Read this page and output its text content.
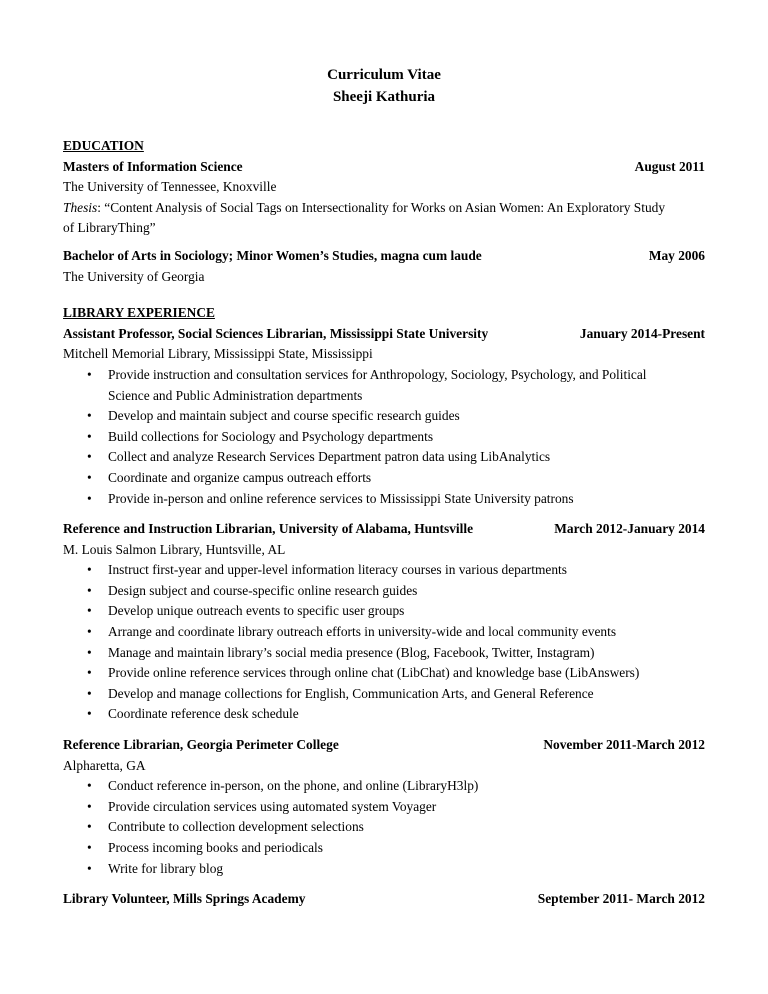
Curriculum Vitae
Sheeji Kathuria
EDUCATION
Masters of Information Science	August 2011
The University of Tennessee, Knoxville
Thesis: “Content Analysis of Social Tags on Intersectionality for Works on Asian Women: An Exploratory Study
of LibraryThing”
Bachelor of Arts in Sociology; Minor Women’s Studies, magna cum laude	May 2006
The University of Georgia
LIBRARY EXPERIENCE
Assistant Professor, Social Sciences Librarian, Mississippi State University	January 2014-Present
Mitchell Memorial Library, Mississippi State, Mississippi
• Provide instruction and consultation services for Anthropology, Sociology, Psychology, and Political
Science and Public Administration departments
• Develop and maintain subject and course specific research guides
• Build collections for Sociology and Psychology departments
• Collect and analyze Research Services Department patron data using LibAnalytics
• Coordinate and organize campus outreach efforts
• Provide in-person and online reference services to Mississippi State University patrons
Reference and Instruction Librarian, University of Alabama, Huntsville	March 2012-January 2014
M. Louis Salmon Library, Huntsville, AL
• Instruct first-year and upper-level information literacy courses in various departments
• Design subject and course-specific online research guides
• Develop unique outreach events to specific user groups
• Arrange and coordinate library outreach efforts in university-wide and local community events
• Manage and maintain library’s social media presence (Blog, Facebook, Twitter, Instagram)
• Provide online reference services through online chat (LibChat) and knowledge base (LibAnswers)
• Develop and manage collections for English, Communication Arts, and General Reference
• Coordinate reference desk schedule
Reference Librarian, Georgia Perimeter College	November 2011-March 2012
Alpharetta, GA
• Conduct reference in-person, on the phone, and online (LibraryH3lp)
• Provide circulation services using automated system Voyager
• Contribute to collection development selections
• Process incoming books and periodicals
• Write for library blog
Library Volunteer, Mills Springs Academy	September 2011- March 2012
